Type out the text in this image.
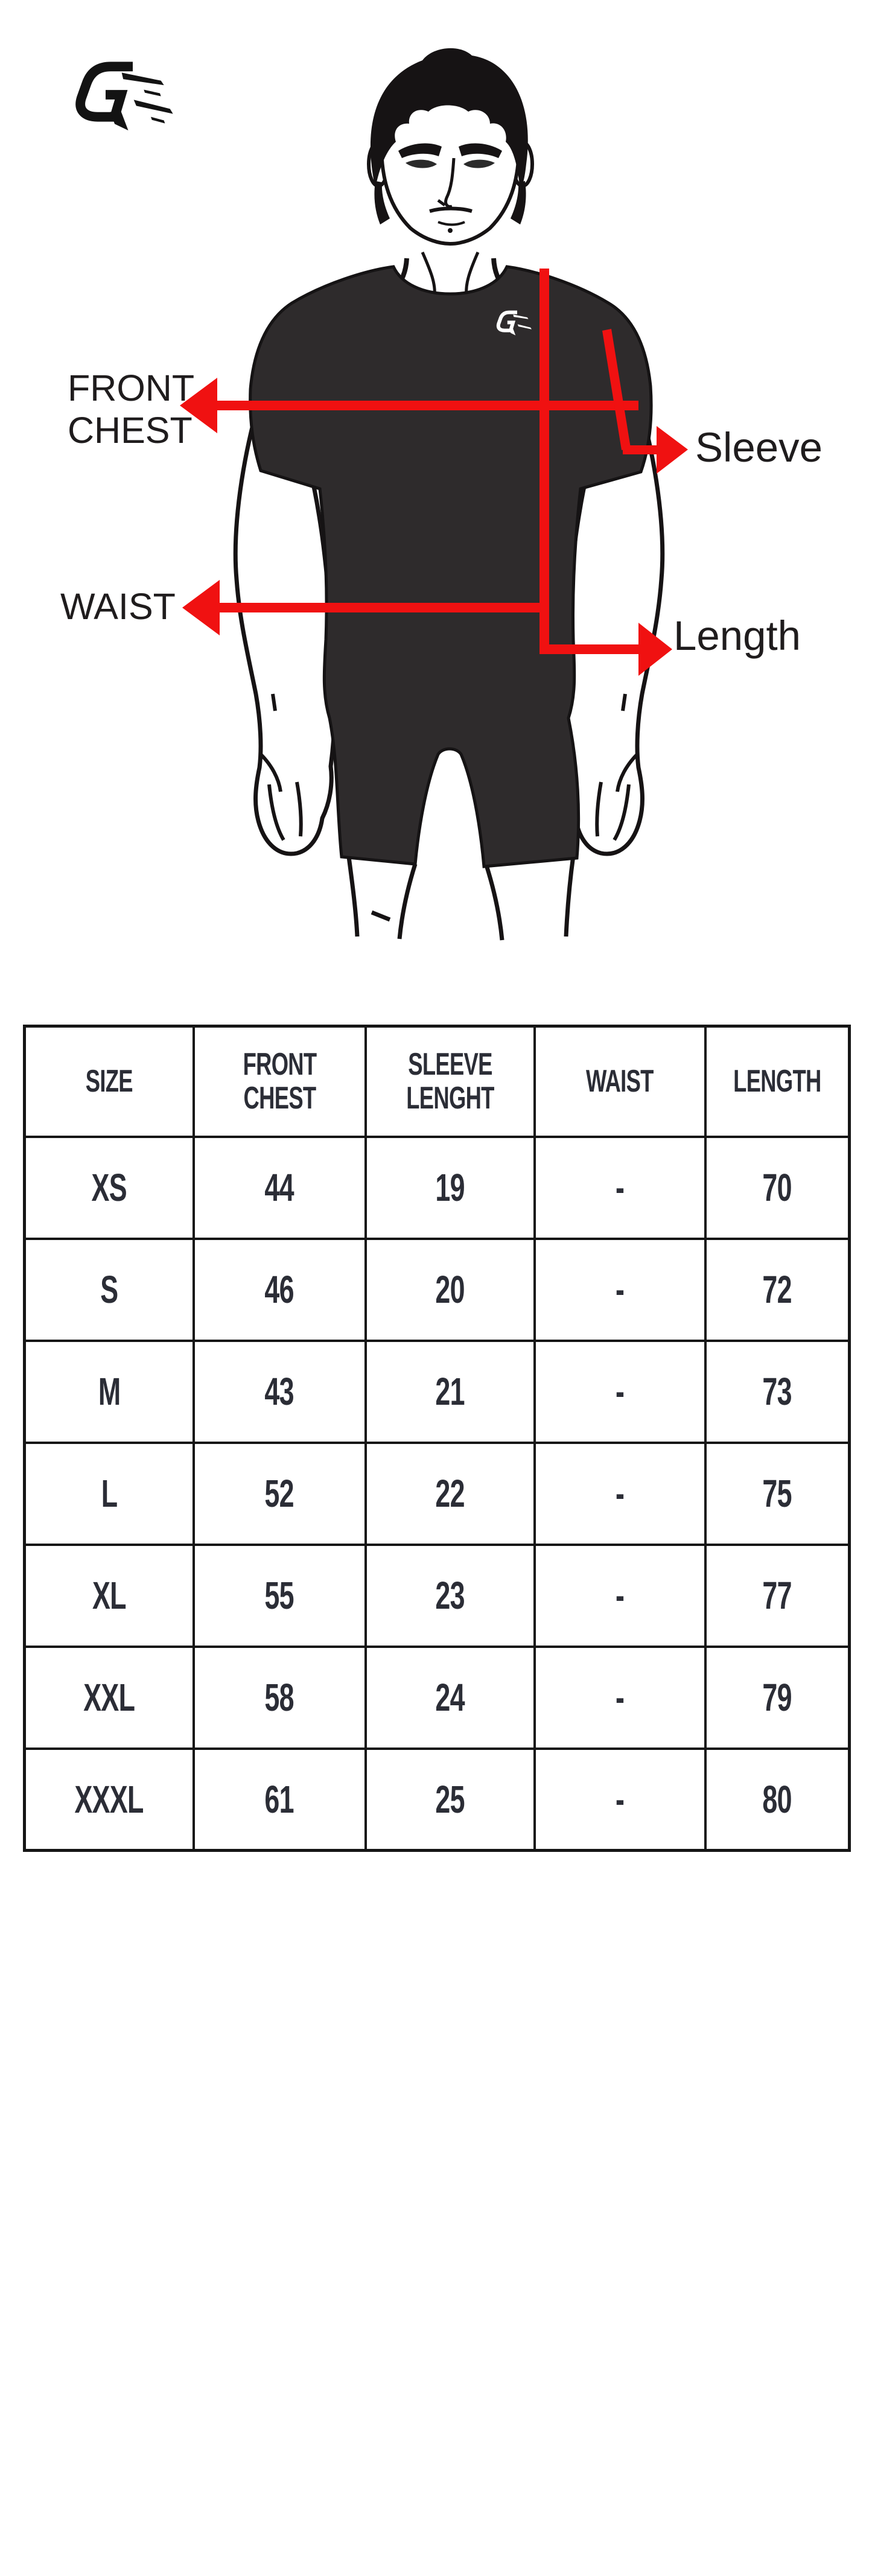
FRONT CHEST	Sleeve
WAIST
Length
SIZE	FRONT CHEST	SLEEVE LENGHT	WAIST	LENGTH
XS	44	19	-	70
S	46	20	-	72
M	43	21	-	73
L	52	22	-	75
XL	55	23	-	77
XXL	58	24	-	79
XXXL	61	25	-	80
